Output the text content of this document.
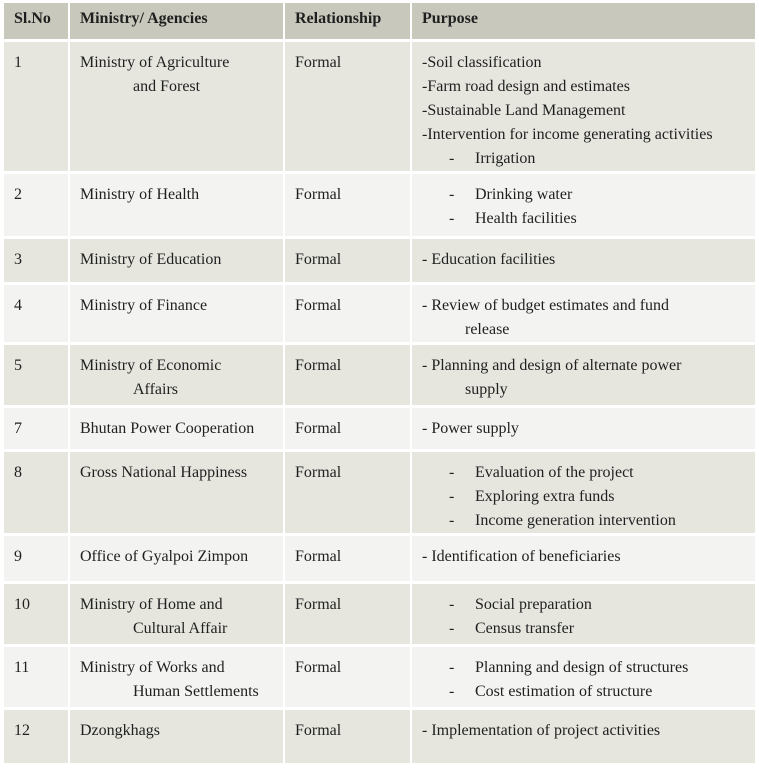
Sl.No	Ministry/ Agencies	Relationship	Purpose
1	Ministry of Agriculture
and Forest	Formal	-Soil classification
-Farm road design and estimates
-Sustainable Land Management
-Intervention for income generating activities
- Irrigation

2	Ministry of Health	Formal	- Drinking water
- Health facilities

3	Ministry of Education	Formal	- Education facilities

4	Ministry of Finance	Formal	- Review of budget estimates and fund
release

5	Ministry of Economic
Affairs	Formal	- Planning and design of alternate power
supply

7	Bhutan Power Cooperation	Formal	- Power supply

8	Gross National Happiness	Formal	- Evaluation of the project
- Exploring extra funds
- Income generation intervention

9	Office of Gyalpoi Zimpon	Formal	- Identification of beneficiaries

10	Ministry of Home and
Cultural Affair	Formal	- Social preparation
- Census transfer

11	Ministry of Works and
Human Settlements	Formal	- Planning and design of structures
- Cost estimation of structure

12	Dzongkhags	Formal	- Implementation of project activities
